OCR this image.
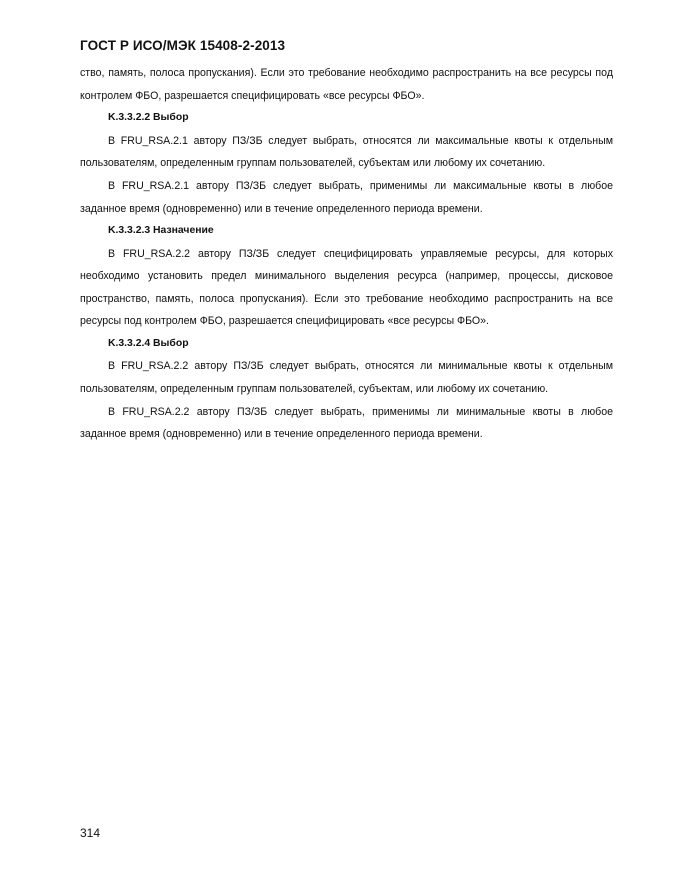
ГОСТ Р ИСО/МЭК 15408-2-2013

ство, память, полоса пропускания). Если это требование необходимо распространить на все ресурсы под контролем ФБО, разрешается специфицировать «все ресурсы ФБО».

K.3.3.2.2 Выбор

В FRU_RSA.2.1 автору ПЗ/ЗБ следует выбрать, относятся ли максимальные квоты к отдельным пользователям, определенным группам пользователей, субъектам или любому их сочетанию.

В FRU_RSA.2.1 автору ПЗ/ЗБ следует выбрать, применимы ли максимальные квоты в любое заданное время (одновременно) или в течение определенного периода времени.

K.3.3.2.3 Назначение

В FRU_RSA.2.2 автору ПЗ/ЗБ следует специфицировать управляемые ресурсы, для которых необходимо установить предел минимального выделения ресурса (например, процессы, дисковое пространство, память, полоса пропускания). Если это требование необходимо распространить на все ресурсы под контролем ФБО, разрешается специфицировать «все ресурсы ФБО».

K.3.3.2.4 Выбор

В FRU_RSA.2.2 автору ПЗ/ЗБ следует выбрать, относятся ли минимальные квоты к отдельным пользователям, определенным группам пользователей, субъектам, или любому их сочетанию.

В FRU_RSA.2.2 автору ПЗ/ЗБ следует выбрать, применимы ли минимальные квоты в любое заданное время (одновременно) или в течение определенного периода времени.

314
